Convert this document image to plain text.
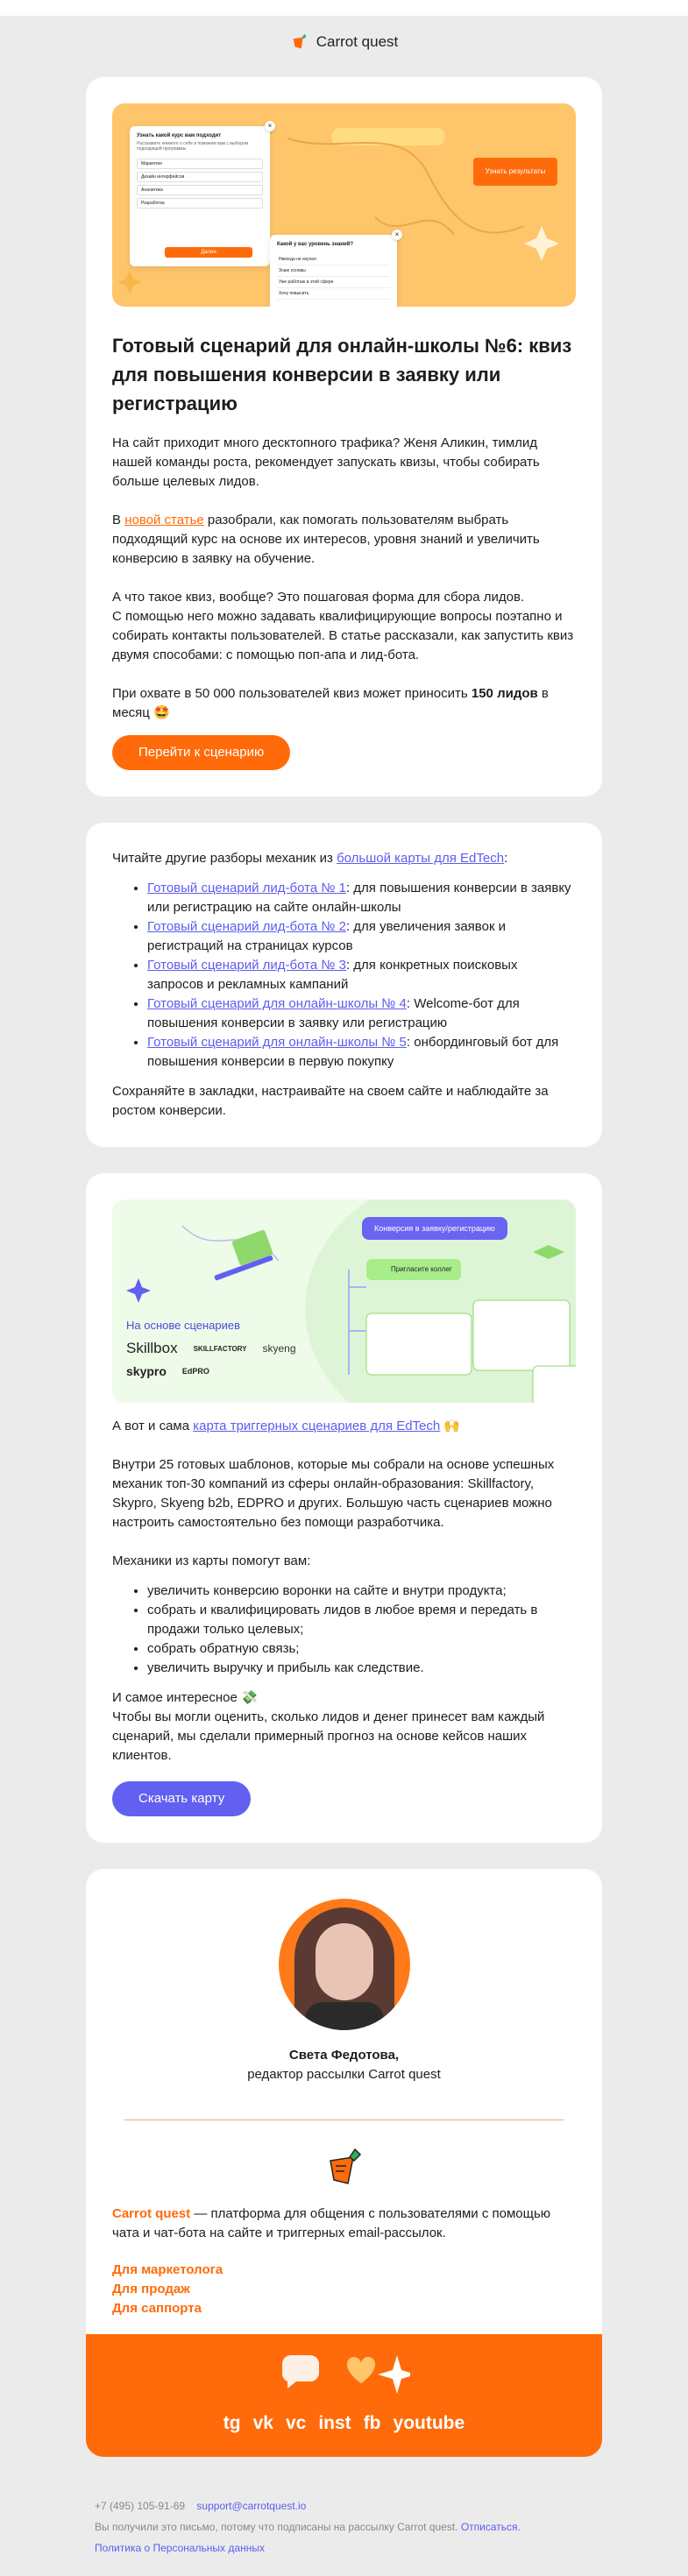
Carrot quest
Узнать какой курс вам подходит
Расскажите немного о себе и поможем вам с выбором подходящей программы
Маркетинг
Дизайн интерфейсов
Аналитика
Разработка
Далее
×
Какой у вас уровень знаний?
Никогда не изучал
Знаю основы
Уже работаю в этой сфере
Хочу повысить
×
Узнать результаты
Готовый сценарий для онлайн-школы №6: квиз для повышения конверсии в заявку или регистрацию

На сайт приходит много десктопного трафика? Женя Аликин, тимлид нашей команды роста, рекомендует запускать квизы, чтобы собирать больше целевых лидов.

В новой статье разобрали, как помогать пользователям выбрать подходящий курс на основе их интересов, уровня знаний и увеличить конверсию в заявку на обучение.

А что такое квиз, вообще? Это пошаговая форма для сбора лидов.

С помощью него можно задавать квалифицирующие вопросы поэтапно и собирать контакты пользователей. В статье рассказали, как запустить квиз двумя способами: с помощью поп-апа и лид-бота.

При охвате в 50 000 пользователей квиз может приносить 150 лидов в месяц 🤩

Перейти к сценарию

Читайте другие разборы механик из большой карты для EdTech:

• Готовый сценарий лид-бота № 1: для повышения конверсии в заявку или регистрацию на сайте онлайн-школы
• Готовый сценарий лид-бота № 2: для увеличения заявок и регистраций на страницах курсов
• Готовый сценарий лид-бота № 3: для конкретных поисковых запросов и рекламных кампаний
• Готовый сценарий для онлайн-школы № 4: Welcome-бот для повышения конверсии в заявку или регистрацию
• Готовый сценарий для онлайн-школы № 5: онбординговый бот для повышения конверсии в первую покупку

Сохраняйте в закладки, настраивайте на своем сайте и наблюдайте за ростом конверсии.

Конверсия в заявку/регистрацию
Пригласите коллег
На основе сценариев
Skillbox SKILLFACTORY skyeng
skypro EdPRO

А вот и сама карта триггерных сценариев для EdTech 🙌

Внутри 25 готовых шаблонов, которые мы собрали на основе успешных механик топ-30 компаний из сферы онлайн-образования: Skillfactory, Skypro, Skyeng b2b, EDPRO и других. Большую часть сценариев можно настроить самостоятельно без помощи разработчика.

Механики из карты помогут вам:

• увеличить конверсию воронки на сайте и внутри продукта;
• собрать и квалифицировать лидов в любое время и передать в продажи только целевых;
• собрать обратную связь;
• увеличить выручку и прибыль как следствие.

И самое интересное 💸

Чтобы вы могли оценить, сколько лидов и денег принесет вам каждый сценарий, мы сделали примерный прогноз на основе кейсов наших клиентов.

Скачать карту

Света Федотова,

редактор рассылки Carrot quest

Carrot quest — платформа для общения с пользователями с помощью чата и чат-бота на сайте и триггерных email-рассылок.

Для маркетолога
Для продаж
Для саппорта
tg vk vc inst fb youtube
+7 (495) 105-91-69 support@carrotquest.io
Вы получили это письмо, потому что подписаны на рассылку Carrot quest. Отписаться.
Политика о Персональных данных
